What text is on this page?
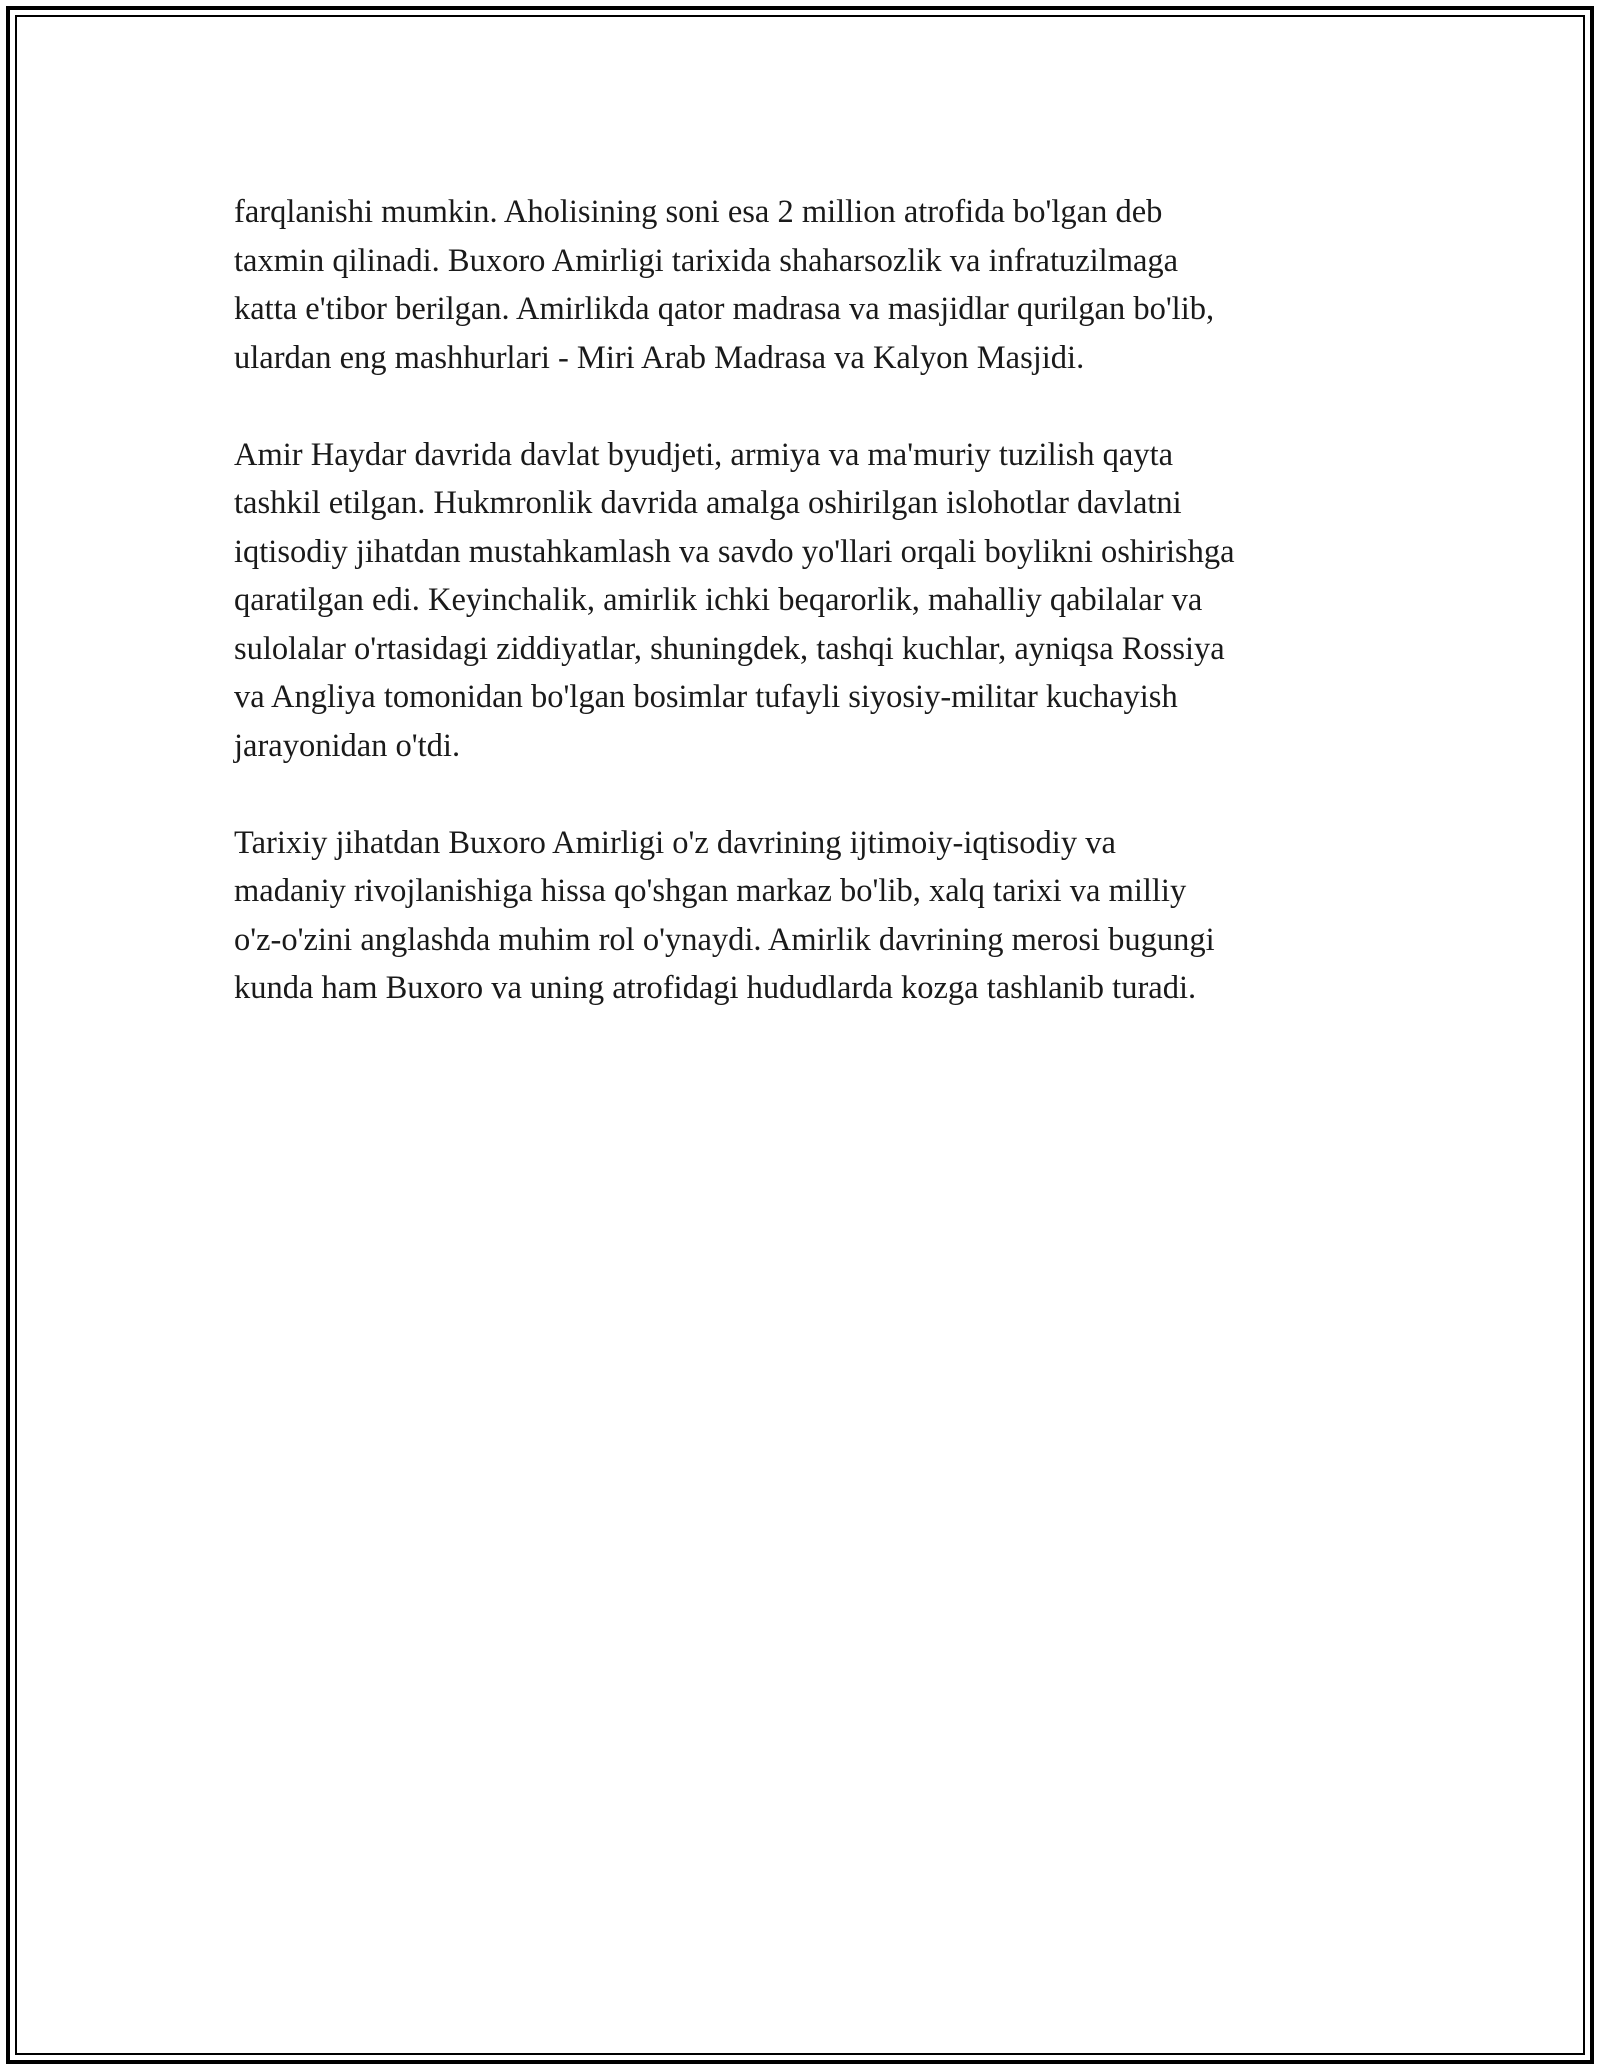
farqlanishi mumkin. Aholisining soni esa 2 million atrofida bo'lgan deb
taxmin qilinadi. Buxoro Amirligi tarixida shaharsozlik va infratuzilmaga
katta e'tibor berilgan. Amirlikda qator madrasa va masjidlar qurilgan bo'lib,
ulardan eng mashhurlari - Miri Arab Madrasa va Kalyon Masjidi.

Amir Haydar davrida davlat byudjeti, armiya va ma'muriy tuzilish qayta
tashkil etilgan. Hukmronlik davrida amalga oshirilgan islohotlar davlatni
iqtisodiy jihatdan mustahkamlash va savdo yo'llari orqali boylikni oshirishga
qaratilgan edi. Keyinchalik, amirlik ichki beqarorlik, mahalliy qabilalar va
sulolalar o'rtasidagi ziddiyatlar, shuningdek, tashqi kuchlar, ayniqsa Rossiya
va Angliya tomonidan bo'lgan bosimlar tufayli siyosiy-militar kuchayish
jarayonidan o'tdi.

Tarixiy jihatdan Buxoro Amirligi o'z davrining ijtimoiy-iqtisodiy va
madaniy rivojlanishiga hissa qo'shgan markaz bo'lib, xalq tarixi va milliy
o'z-o'zini anglashda muhim rol o'ynaydi. Amirlik davrining merosi bugungi
kunda ham Buxoro va uning atrofidagi hududlarda kozga tashlanib turadi.
